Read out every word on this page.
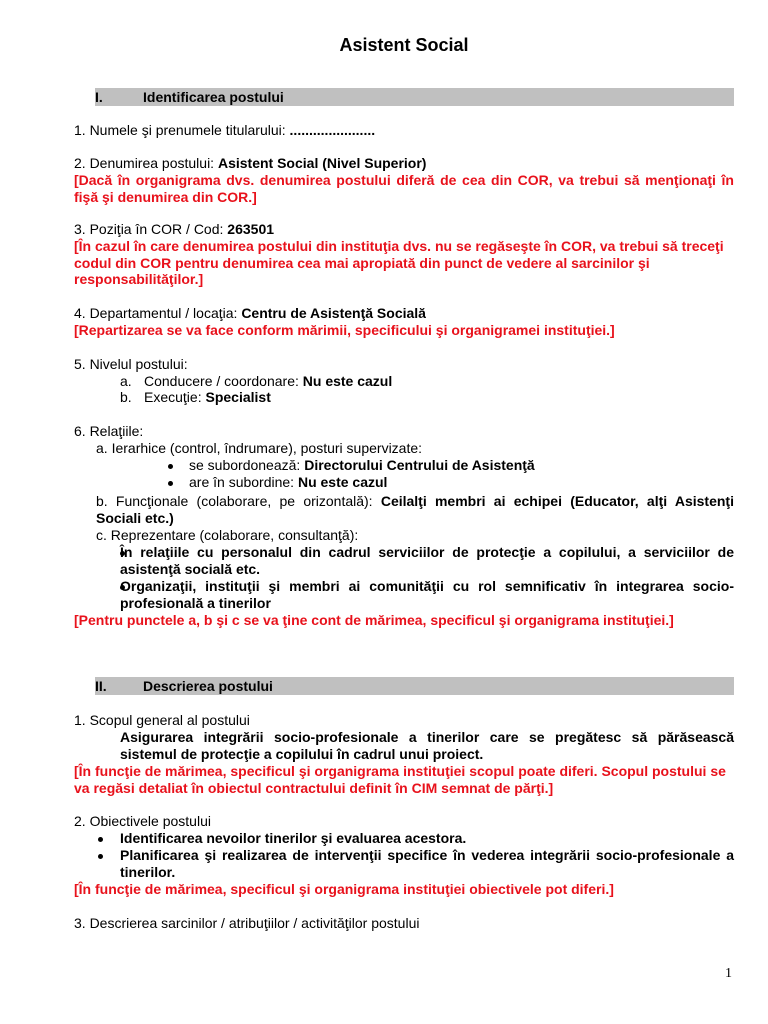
Asistent Social
I.	Identificarea postului
1. Numele şi prenumele titularului: ......................
2. Denumirea postului: Asistent Social (Nivel Superior)
[Dacă în organigrama dvs. denumirea postului diferă de cea din COR, va trebui să menţionaţi în fişă şi denumirea din COR.]
3. Poziţia în COR / Cod: 263501
[În cazul în care denumirea postului din instituţia dvs. nu se regăseşte în COR, va trebui să treceţi codul din COR pentru denumirea cea mai apropiată din punct de vedere al sarcinilor şi responsabilităţilor.]
4. Departamentul / locaţia: Centru de Asistenţă Socială
[Repartizarea se va face conform mărimii, specificului şi organigramei instituţiei.]
5. Nivelul postului:
a. Conducere / coordonare: Nu este cazul
b. Execuţie: Specialist
6. Relaţiile:
a. Ierarhice (control, îndrumare), posturi supervizate:
se subordonează: Directorului Centrului de Asistenţă
are în subordine: Nu este cazul
b. Funcţionale (colaborare, pe orizontală): Ceilalţi membri ai echipei (Educator, alţi Asistenţi Sociali etc.)
c. Reprezentare (colaborare, consultanţă):
În relaţiile cu personalul din cadrul serviciilor de protecţie a copilului, a serviciilor de asistenţă socială etc.
Organizaţii, instituţii şi membri ai comunităţii cu rol semnificativ în integrarea socio-profesională a tinerilor
[Pentru punctele a, b şi c se va ţine cont de mărimea, specificul şi organigrama instituţiei.]
II.	Descrierea postului
1. Scopul general al postului
Asigurarea integrării socio-profesionale a tinerilor care se pregătesc să părăsească sistemul de protecţie a copilului în cadrul unui proiect.
[În funcţie de mărimea, specificul şi organigrama instituţiei scopul poate diferi. Scopul postului se va regăsi detaliat în obiectul contractului definit în CIM semnat de părţi.]
2. Obiectivele postului
Identificarea nevoilor tinerilor şi evaluarea acestora.
Planificarea şi realizarea de intervenţii specifice în vederea integrării socio-profesionale a tinerilor.
[În funcţie de mărimea, specificul şi organigrama instituţiei obiectivele pot diferi.]
3. Descrierea sarcinilor / atribuţiilor / activităţilor postului
1
